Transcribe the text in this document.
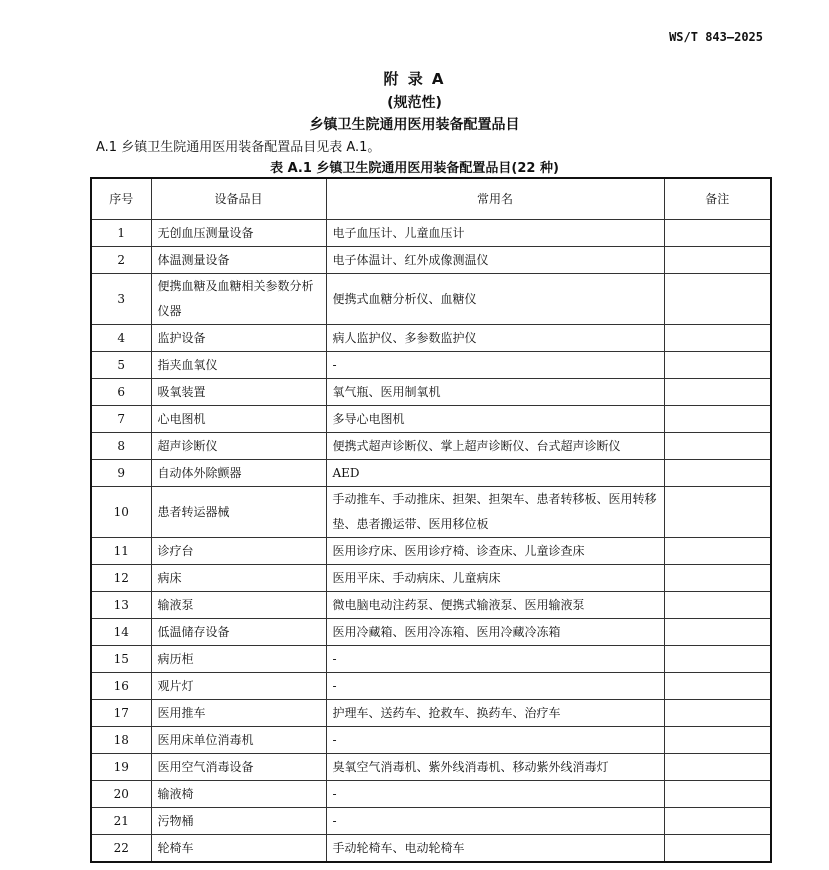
WS/T 843—2025
附 录 A
(规范性)
乡镇卫生院通用医用装备配置品目
A.1 乡镇卫生院通用医用装备配置品目见表 A.1。
表 A.1 乡镇卫生院通用医用装备配置品目(22 种)
序号	设备品目	常用名	备注
1	无创血压测量设备	电子血压计、儿童血压计	
2	体温测量设备	电子体温计、红外成像测温仪	
3	便携血糖及血糖相关参数分析仪器	便携式血糖分析仪、血糖仪	
4	监护设备	病人监护仪、多参数监护仪	
5	指夹血氧仪	-	
6	吸氧装置	氧气瓶、医用制氧机	
7	心电图机	多导心电图机	
8	超声诊断仪	便携式超声诊断仪、掌上超声诊断仪、台式超声诊断仪	
9	自动体外除颤器	AED	
10	患者转运器械	手动推车、手动推床、担架、担架车、患者转移板、医用转移垫、患者搬运带、医用移位板	
11	诊疗台	医用诊疗床、医用诊疗椅、诊查床、儿童诊查床	
12	病床	医用平床、手动病床、儿童病床	
13	输液泵	微电脑电动注药泵、便携式输液泵、医用输液泵	
14	低温储存设备	医用冷藏箱、医用冷冻箱、医用冷藏冷冻箱	
15	病历柜	-	
16	观片灯	-	
17	医用推车	护理车、送药车、抢救车、换药车、治疗车	
18	医用床单位消毒机	-	
19	医用空气消毒设备	臭氧空气消毒机、紫外线消毒机、移动紫外线消毒灯	
20	输液椅	-	
21	污物桶	-	
22	轮椅车	手动轮椅车、电动轮椅车	
